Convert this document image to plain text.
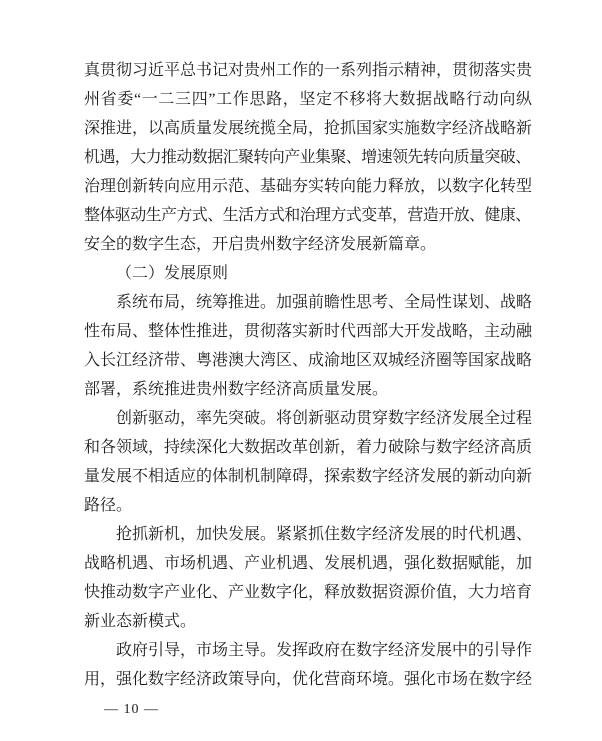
真贯彻习近平总书记对贵州工作的一系列指示精神，贯彻落实贵
州省委“一二三四”工作思路，坚定不移将大数据战略行动向纵
深推进，以高质量发展统揽全局，抢抓国家实施数字经济战略新
机遇，大力推动数据汇聚转向产业集聚、增速领先转向质量突破、
治理创新转向应用示范、基础夯实转向能力释放，以数字化转型
整体驱动生产方式、生活方式和治理方式变革，营造开放、健康、
安全的数字生态，开启贵州数字经济发展新篇章。
（二）发展原则
系统布局，统筹推进。加强前瞻性思考、全局性谋划、战略
性布局、整体性推进，贯彻落实新时代西部大开发战略，主动融
入长江经济带、粤港澳大湾区、成渝地区双城经济圈等国家战略
部署，系统推进贵州数字经济高质量发展。
创新驱动，率先突破。将创新驱动贯穿数字经济发展全过程
和各领域，持续深化大数据改革创新，着力破除与数字经济高质
量发展不相适应的体制机制障碍，探索数字经济发展的新动向新
路径。
抢抓新机，加快发展。紧紧抓住数字经济发展的时代机遇、
战略机遇、市场机遇、产业机遇、发展机遇，强化数据赋能，加
快推动数字产业化、产业数字化，释放数据资源价值，大力培育
新业态新模式。
政府引导，市场主导。发挥政府在数字经济发展中的引导作
用，强化数字经济政策导向，优化营商环境。强化市场在数字经
— 10 —
